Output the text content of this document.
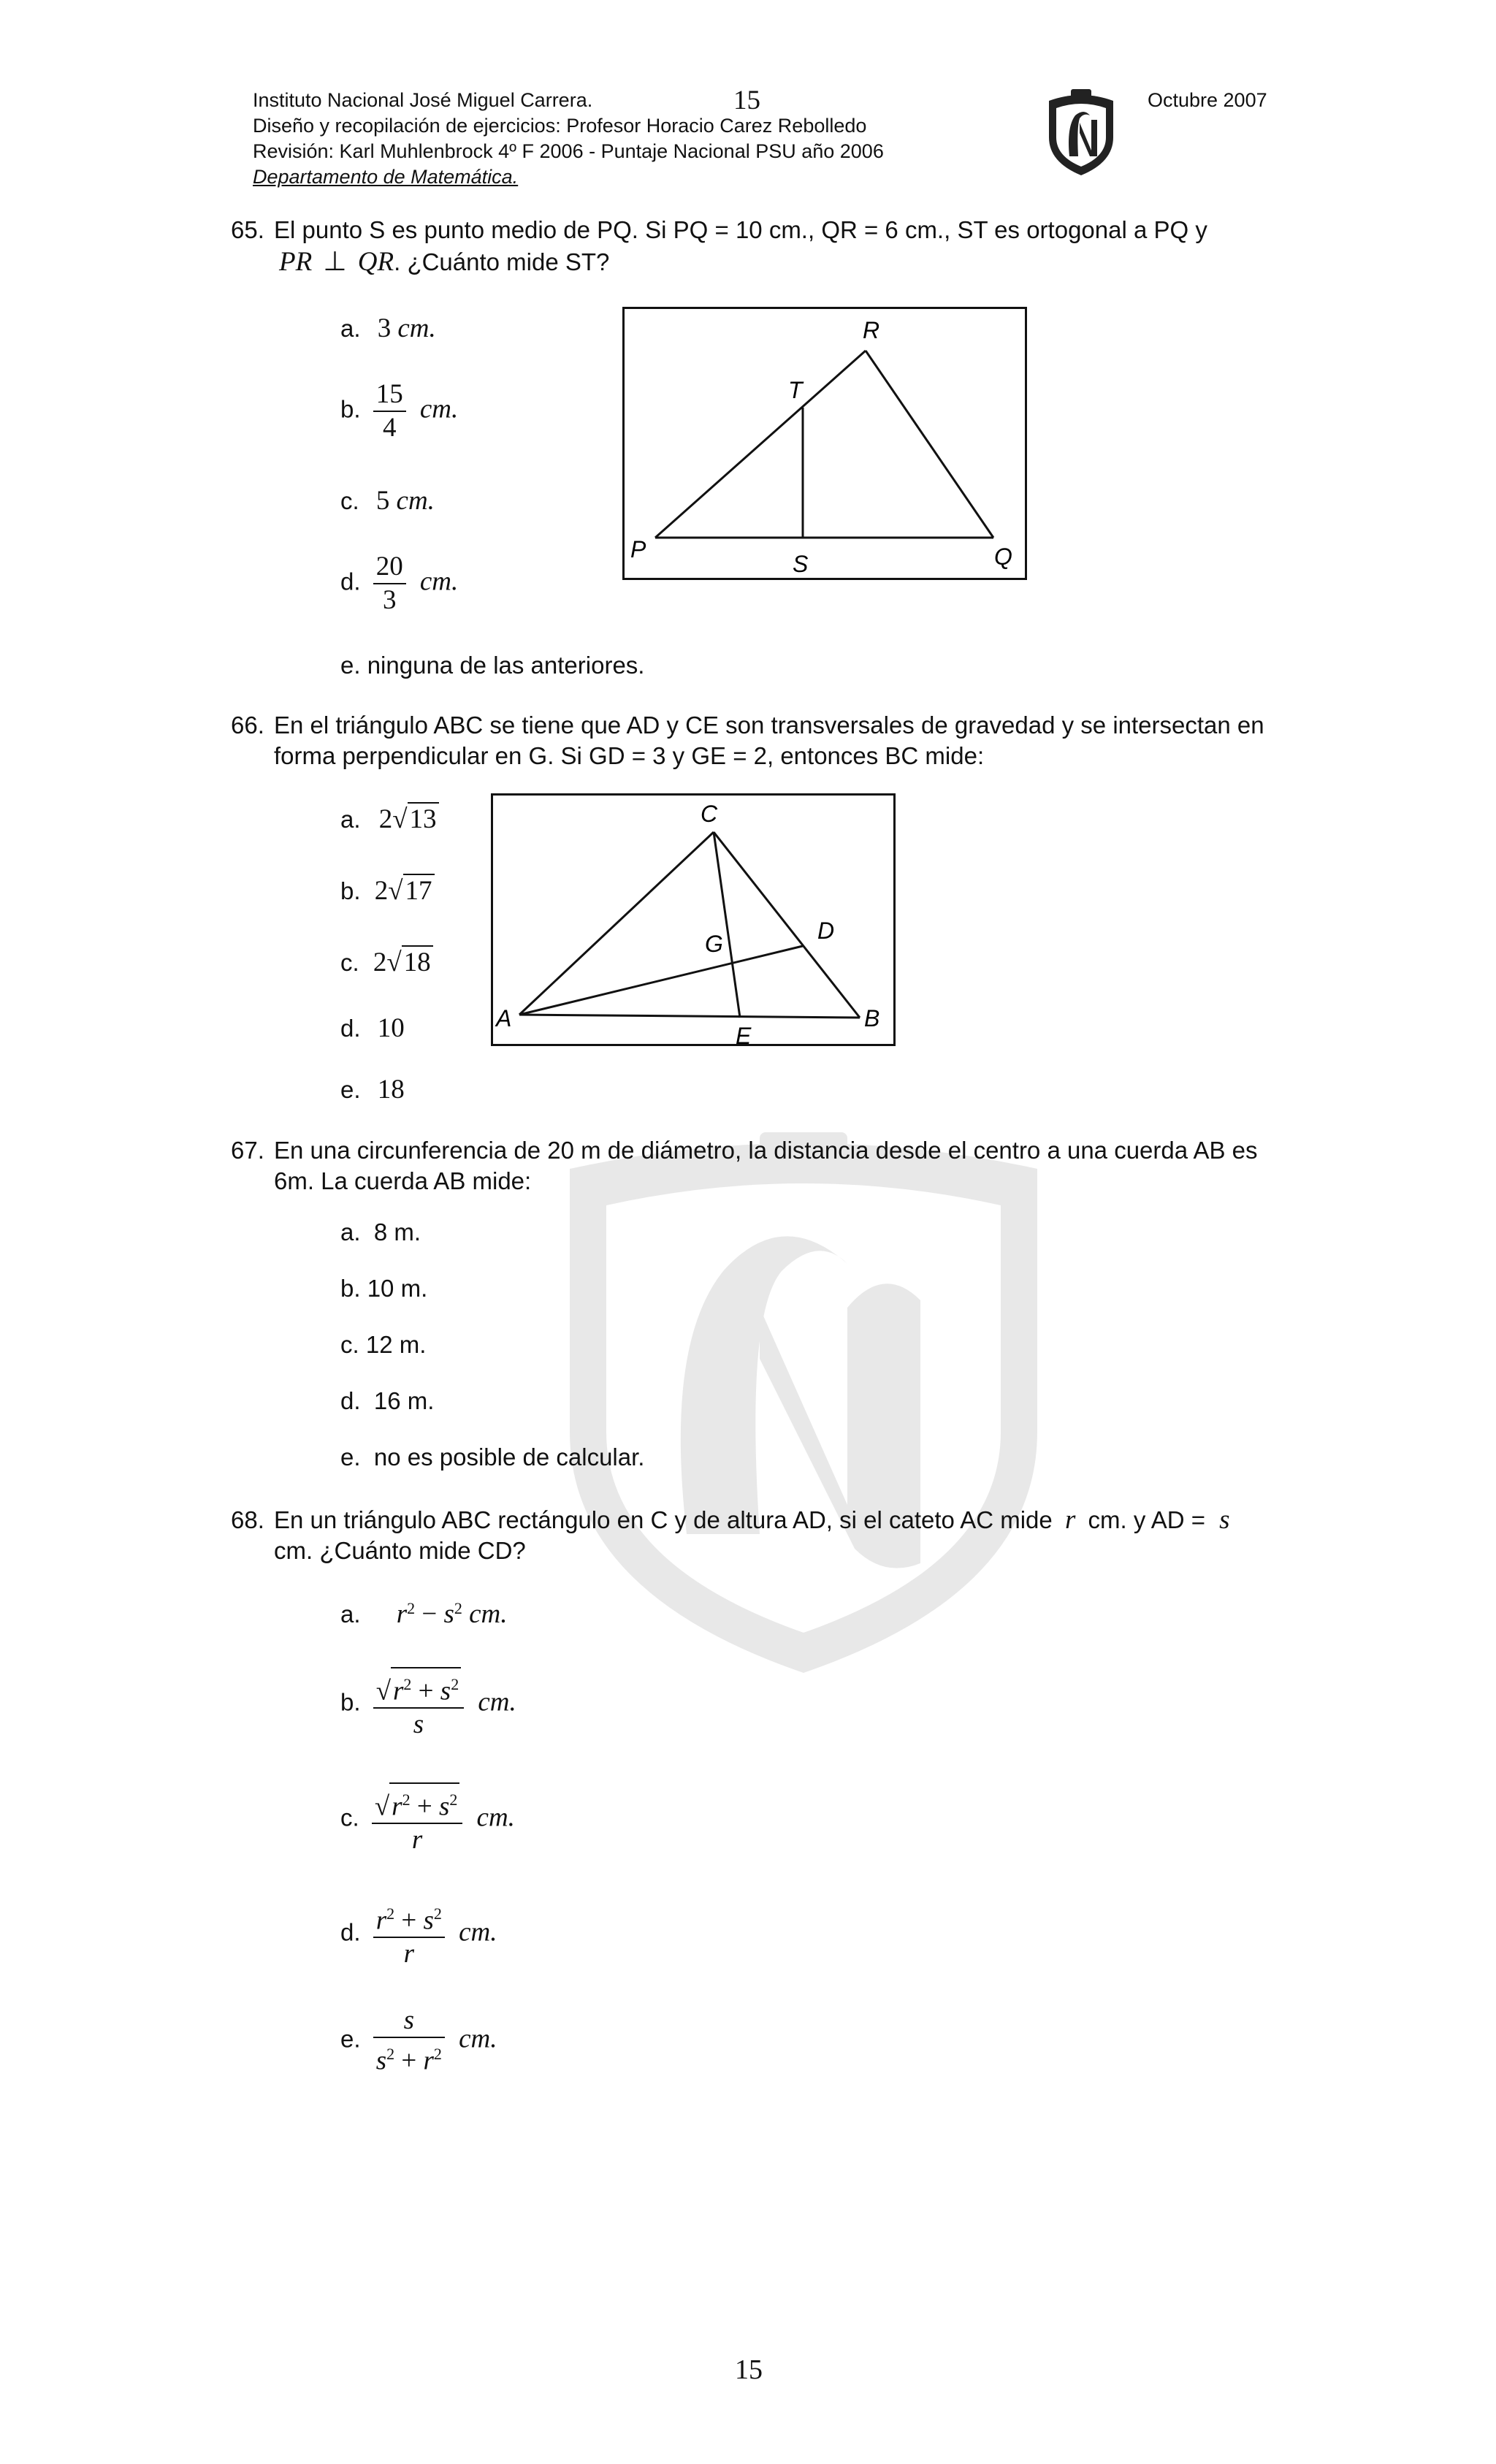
Instituto Nacional José Miguel Carrera.	15	Octubre 2007
Diseño y recopilación de ejercicios: Profesor Horacio Carez Rebolledo
Revisión: Karl Muhlenbrock 4º F 2006 - Puntaje Nacional PSU año 2006
Departamento de Matemática.
65. El punto S es punto medio de PQ. Si PQ = 10 cm., QR = 6 cm., ST es ortogonal a PQ y
PR ⊥ QR. ¿Cuánto mide ST?
a. 3 cm.
b. $\frac{15}{4}$ cm.
c. 5 cm.
d. $\frac{20}{3}$ cm.
e. ninguna de las anteriores.
P
S	Q
R
T
66. En el triángulo ABC se tiene que AD y CE son transversales de gravedad y se intersectan en
forma perpendicular en G. Si GD = 3 y GE = 2, entonces BC mide:
a. 2√13
b. 2√17
c. 2√18
d. 10
e. 18
C
A	B
E
D
G
67. En una circunferencia de 20 m de diámetro, la distancia desde el centro a una cuerda AB es
6m. La cuerda AB mide:
a.  8 m.
b. 10 m.
c. 12 m.
d.  16 m.
e.  no es posible de calcular.
68. En un triángulo ABC rectángulo en C y de altura AD, si el cateto AC mide r cm. y AD = s
cm. ¿Cuánto mide CD?
a. $r^2 - s^2$ cm.
b. $\frac{√r^2 + s^2}{s}$ cm.
c. $\frac{√r^2 + s^2}{r}$ cm.
d. $\frac{r^2 + s^2}{r}$ cm.
e. $\frac{s}{s^2 + r^2}$ cm.
15
